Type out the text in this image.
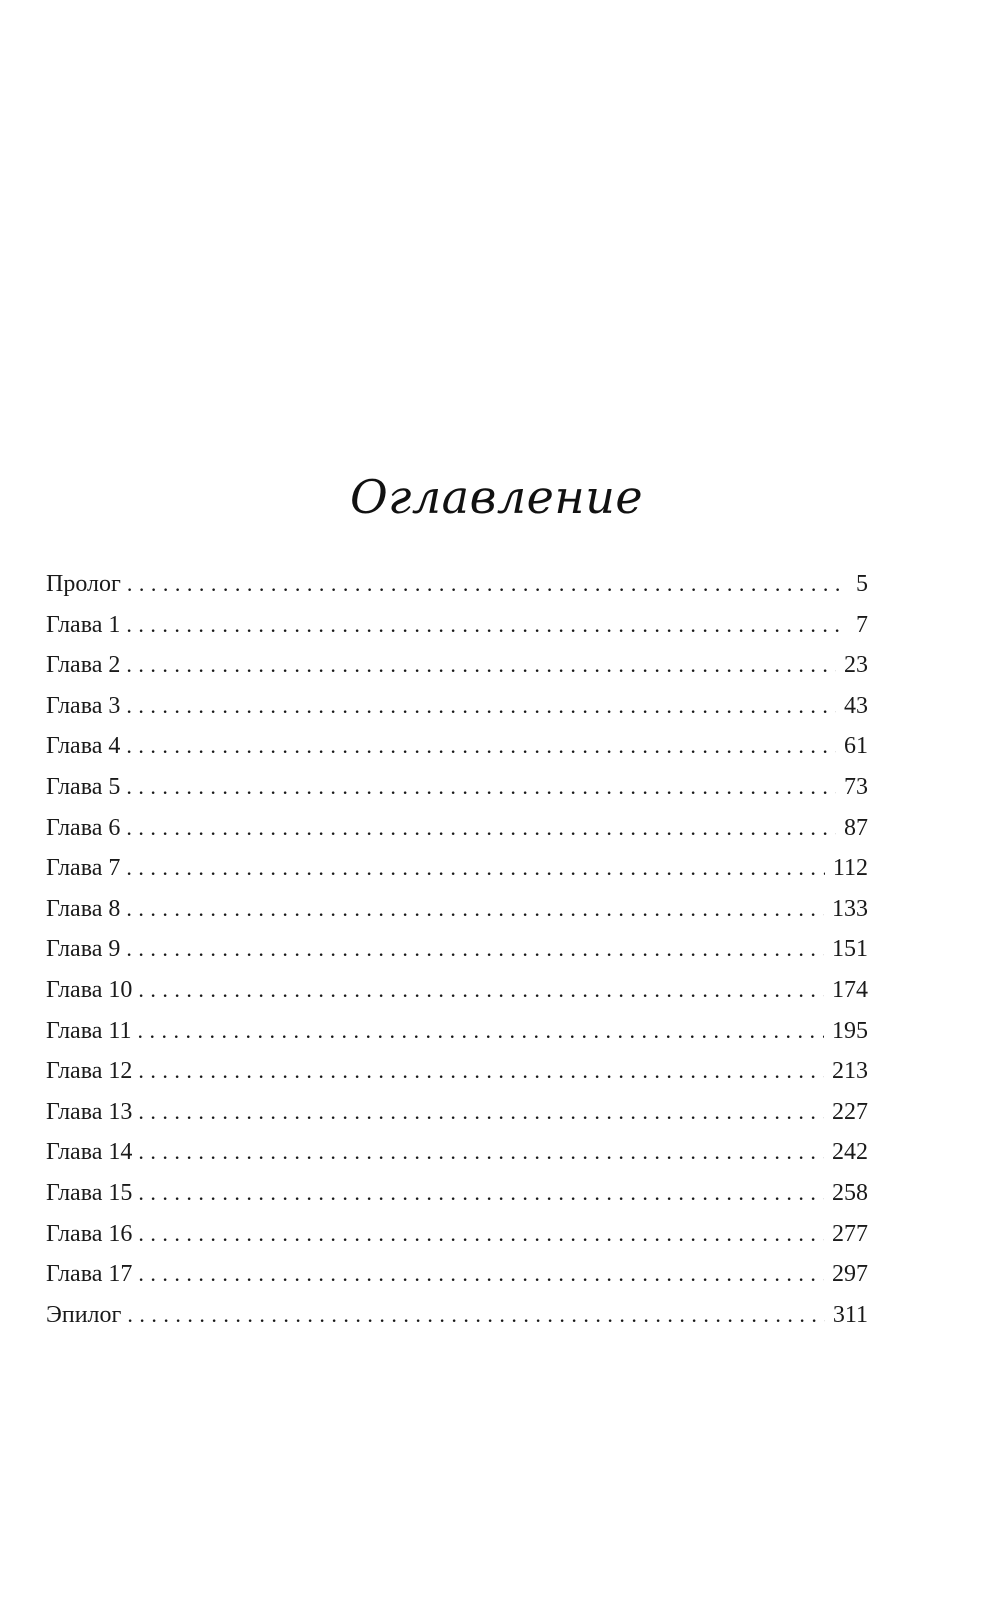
Оглавление
Пролог . . .	5
Глава 1 . . .	7
Глава 2 . . .	23
Глава 3 . . .	43
Глава 4 . . .	61
Глава 5 . . .	73
Глава 6 . . .	87
Глава 7 . . .	112
Глава 8 . . .	133
Глава 9 . . .	151
Глава 10 . . .	174
Глава 11 . . .	195
Глава 12 . . .	213
Глава 13 . . .	227
Глава 14 . . .	242
Глава 15 . . .	258
Глава 16 . . .	277
Глава 17 . . .	297
Эпилог . . .	311
